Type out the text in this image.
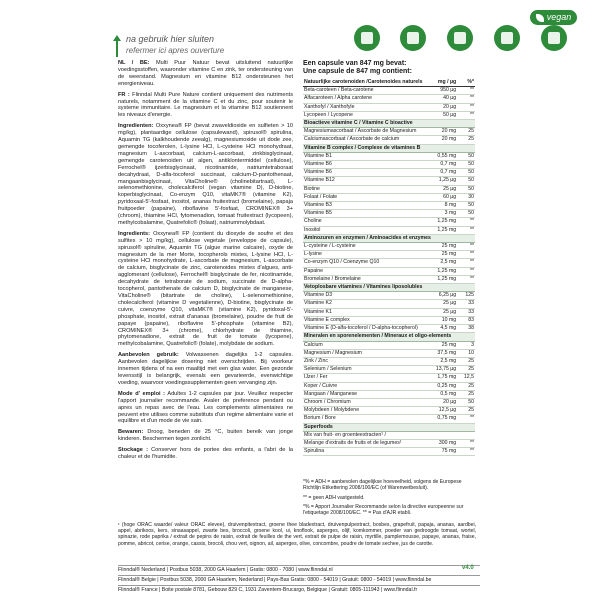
vegan
na gebruik hier sluiten
refermer ici apres ouverture

NL / BE: Multi Puur Natuur bevat uitsluitend natuurlijke voedingsstoffen, waaronder vitamine C en zink, ter ondersteuning van de weerstand. Magnesium en vitamine B12 ondersteunen het energieniveau.

FR : Flinndal Multi Pure Nature contient uniquement des nutriments naturels, notamment de la vitamine C et du zinc, pour soutenir le systeme immunitaire. Le magnesium et la vitamine B12 soutiennent les niveaux d'energie.

Ingredienten: Oxxynea® FP (bevat zwaveldioxide en sulfieten > 10 mg/kg), plantaardige cellulose (capsulewand), spirusol® spirulina, Aquamin TG (kalkhoudende zeealg), magnesiumoxide uit dode zee, gemengde tocoferolen, L-lysine HCl, L-cysteine HCl monohydraat, magnesium L-ascorbaat, calcium-L-ascorbaat, zinkbisglycinaat, gemengde carotenoiden uit algen, antiklontermiddel (cellulose), Ferrochel® ijzerbisglycinaat, nicotinamide, natriumtetraboraat decahydraat, D-alfa-tocoferol succinaat, calcium-D-pantothenaat, mangaanbisglycinaat, VitaCholine® (cholinebitartraat), L-selenomethionine, cholecalciferol (vegan vitamine D), D-biotine, koperbisglycinaat, Co-enzym Q10, vitaMK7® (vitamine K2), pyridoxaal-5'-fosfaat, inositol, ananas fruitextract (bromelaine), papaja fruitpoeder (papaine), riboflavine 5'-fosfaat, CROMINEX® 3+ (chroom), thiamine HCl, fytomenadion, tomaat fruitextract (lycopeen), methylcobalamine, Quatrefolic® (folaat), natriummolybdaat.

Ingredients: Oxxynea® FP (contient du dioxyde de soufre et des sulfites > 10 mg/kg), cellulose vegetale (enveloppe de capsule), spirusol® spiruline, Aquamin TG (algue marine calcaire), oxyde de magnesium de la mer Morte, tocopherols mixtes, L-lysine HCl, L-cysteine HCl monohydrate, L-ascorbate de magnesium, L-ascorbate de calcium, bisglycinate de zinc, carotenoides mixtes d'algues, anti-agglomerant (cellulose), Ferrochel® bisglycinate de fer, nicotinamide, decahydrate de tetraborate de sodium, succinate de D-alpha-tocopherol, pantothenate de calcium D, bisglycinate de manganese, VitaCholine® (bitartrate de choline), L-selenomethionine, cholecalciferol (vitamine D vegetalienne), D-biotine, bisglycinate de cuivre, coenzyme Q10, vitaMK7® (vitamine K2), pyridoxal-5'-phosphate, inositol, extrait d'ananas (bromelaine), poudre de fruit de papaye (papaine), riboflavine 5'-phosphate (vitamine B2), CROMINEX® 3+ (chrome), chlorhydrate de thiamine, phytomenadione, extrait de fruit de tomate (lycopene), methylcobalamine, Quatrefolic® (folate), molybdate de sodium.

Aanbevolen gebruik: Volwassenen dagelijks 1-2 capsules. Aanbevolen dagelijkse dosering niet overschrijden. Bij voorkeur innemen tijdens of na een maaltijd met een glas water. Een gezonde levensstijl is belangrijk, evenals een gevarieerde, evenwichtige voeding, waarvoor voedingssupplementen geen vervanging zijn.

Mode d' emploi : Adultes 1-2 capsules par jour. Veuillez respecter l'apport journalier recommande. Avaler de preference pendant ou apres un repas avec de l'eau. Les complements alimentaires ne peuvent etre utilises comme substituts d'un regime alimentaire varie et equilibre et d'un mode de vie sain.

Bewaren: Droog, beneden de 25 °C, buiten bereik van jonge kinderen. Beschermen tegen zonlicht.

Stockage : Conserver hors de portee des enfants, a l'abri de la chaleur et de l'humidite.

Een capsule van 847 mg bevat:
Une capsule de 847 mg contient:
Natuurlijke carotenoiden /Carotenoides naturels	mg / µg	%*
Beta-caroteen / Beta-carotene	950 µg	**
Alfacaroteen / Alpha carotene	40 µg	**
Xanthofyl / Xanthofyle	20 µg	**
Lycopeen / Lycopene	50 µg	**
Bioactieve vitamine C / Vitamine C bioactive		
Magnesiumascorbaat / Ascorbate de Magnesium	20 mg	25
Calciumascorbaat / Ascorbate de calcium	20 mg	25
Vitamine B complex / Complexe de vitamines B		
Vitamine B1	0,55 mg	50
Vitamine B6	0,7 mg	50
Vitamine B6	0,7 mg	50
Vitamine B12	1,25 µg	50
Biotine	25 µg	50
Folaat / Folate	60 µg	30
Vitamine B3	8 mg	50
Vitamine B5	3 mg	50
Choline	1,25 mg	**
Inositol	1,25 mg	**
Aminozuren en enzymen / Aminoacides et enzymes		
L-cysteine / L-cysteine	25 mg	**
L-lysine	25 mg	**
Co-enzym Q10 / Coenzyme Q10	2,5 mg	**
Papaine	1,25 mg	**
Bromelaine / Bromelaine	1,25 mg	**
Vetoplosbare vitamines / Vitamines liposolubles		
Vitamine D3	6,25 µg	125
Vitamine K2	25 µg	33
Vitamine K1	25 µg	33
Vitamine E complex	10 mg	83
Vitamine E (D-alfa-tocoferol / D-alpha-tocopherol)	4,5 mg	38
Mineralen en sporenelementen / Mineraux et oligo-elements		
Calcium	25 mg	3
Magnesium / Magnesium	37,5 mg	10
Zink / Zinc	2,5 mg	25
Selenium / Selenium	13,75 µg	25
IJzer / Fer	1,75 mg	12,5
Koper / Cuivre	0,25 mg	25
Mangaan / Manganese	0,5 mg	25
Chroom / Chromium	20 µg	50
Molybdeen / Molybdene	12,5 µg	25
Borium / Bore	0,75 mg	**
Superfoods		
Mix van fruit- en groenteextracten¹ /		
Melange d'extraits de fruits et de legumes¹	300 mg	**
Spirulina	75 mg	**

*% = ADH = aanbevolen dagelijkse hoeveelheid, volgens de Europese Richtlijn Etikettering 2008/100/EC (of Warenwetbesluit).

** = geen ADH vastgesteld.

*% = Apport Journalier Recommande selon la directive europeenne sur l'etiquetage 2008/100/EC. ** = Pas d'AJR etabli.

¹ (hoge ORAC waarde/ valeur ORAC elevee), druivenpitextract, groene thee bladextract, druivenpulpextract, bosbes, grapefruit, papaja, ananas, aardbei, appel, abrikoos, kers, sinaasappel, zwarte bes, broccoli, groene kool, ui, knoflook, asperges, olijf, komkommer, poeder van gedroogde tomaat, wortel, spinazie, rode paprika / extrait de pepins de raisin, extrait de feuilles de the vert, extrait de pulpe de raisin, myrtille, pamplemousse, papaye, ananas, fraise, pomme, abricot, cerise, orange, cassis, brocoli, chou vert, oignon, ail, asperges, olive, concombre, poudre de tomate sechee, jus de carotte.
Flinndal® Nederland | Postbus 5038, 2000 GA Haarlem | Gratis: 0800 - 7080 | www.flinndal.nl
Flinndal® Belgie | Postbus 5038, 2000 GA Haarlem, Nederland | Pays-Bas Gratis: 0800 - 54019 | Gratuit: 0800 - 54019 | www.flinndal.be
Flinndal® France | Boite postale 8781, Gebouw 829 C, 1931 Zaventem-Brucargo, Belgique | Gratuit: 0805-111943 | www.flinndal.fr
v4.0
